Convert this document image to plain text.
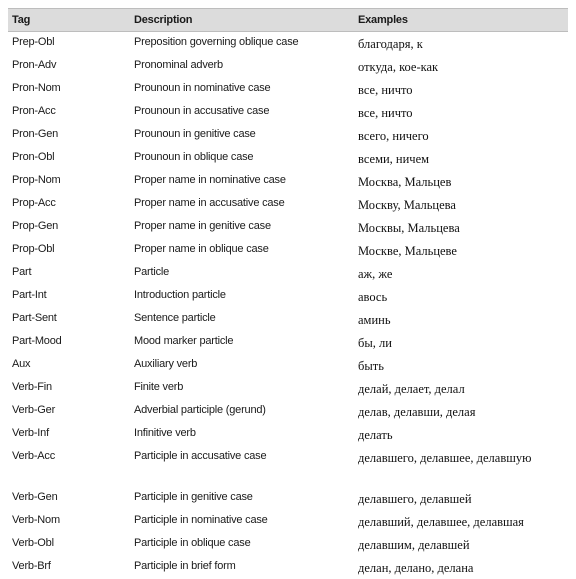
Tag	Description	Examples
Prep-Obl	Preposition governing oblique case	благодаря, к
Pron-Adv	Pronominal adverb	откуда, кое-как
Pron-Nom	Prounoun in nominative case	все, ничто
Pron-Acc	Prounoun in accusative case	все, ничто
Pron-Gen	Prounoun in genitive case	всего, ничего
Pron-Obl	Prounoun in oblique case	всеми, ничем
Prop-Nom	Proper name in nominative case	Москва, Мальцев
Prop-Acc	Proper name in accusative case	Москву, Мальцева
Prop-Gen	Proper name in genitive case	Москвы, Мальцева
Prop-Obl	Proper name in oblique case	Москве, Мальцеве
Part	Particle	аж, же
Part-Int	Introduction particle	авось
Part-Sent	Sentence particle	аминь
Part-Mood	Mood marker particle	бы, ли
Aux	Auxiliary verb	быть
Verb-Fin	Finite verb	делай, делает, делал
Verb-Ger	Adverbial participle (gerund)	делав, делавши, делая
Verb-Inf	Infinitive verb	делать
Verb-Acc	Participle in accusative case	делавшего, делавшее, делавшую
Verb-Gen	Participle in genitive case	делавшего, делавшей
Verb-Nom	Participle in nominative case	делавший, делавшее, делавшая
Verb-Obl	Participle in oblique case	делавшим, делавшей
Verb-Brf	Participle in brief form	делан, делано, делана
